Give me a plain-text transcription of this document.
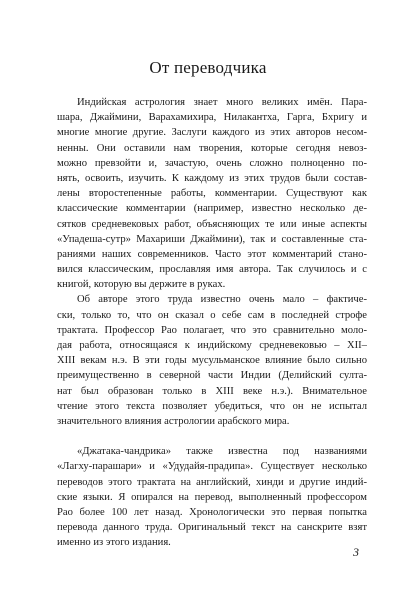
От переводчика
Индийская астрология знает много великих имён. Пара-
шара, Джаймини, Варахамихира, Нилакантха, Гарга, Бхригу и
многие многие другие. Заслуги каждого из этих авторов несом-
ненны. Они оставили нам творения, которые сегодня невоз-
можно превзойти и, зачастую, очень сложно полноценно по-
нять, освоить, изучить. К каждому из этих трудов были состав-
лены второстепенные работы, комментарии. Существуют как
классические комментарии (например, известно несколько де-
сятков средневековых работ, объясняющих те или иные аспекты
«Упадеша-сутр» Махариши Джаймини), так и составленные ста-
раниями наших современников. Часто этот комментарий стано-
вился классическим, прославляя имя автора. Так случилось и с
книгой, которую вы держите в руках.
Об авторе этого труда известно очень мало – фактиче-
ски, только то, что он сказал о себе сам в последней строфе
трактата. Профессор Рао полагает, что это сравнительно моло-
дая работа, относящаяся к индийскому средневековью – XII–
XIII векам н.э. В эти годы мусульманское влияние было сильно
преимущественно в северной части Индии (Делийский султа-
нат был образован только в XIII веке н.э.). Внимательное
чтение этого текста позволяет убедиться, что он не испытал
значительного влияния астрологии арабского мира.
«Джатака-чандрика» также известна под названиями
«Лагху-парашари» и «Удудайя-прадипа». Существует несколько
переводов этого трактата на английский, хинди и другие индий-
ские языки. Я опирался на перевод, выполненный профессором
Рао более 100 лет назад. Хронологически это первая попытка
перевода данного труда. Оригинальный текст на санскрите взят
именно из этого издания.
3
